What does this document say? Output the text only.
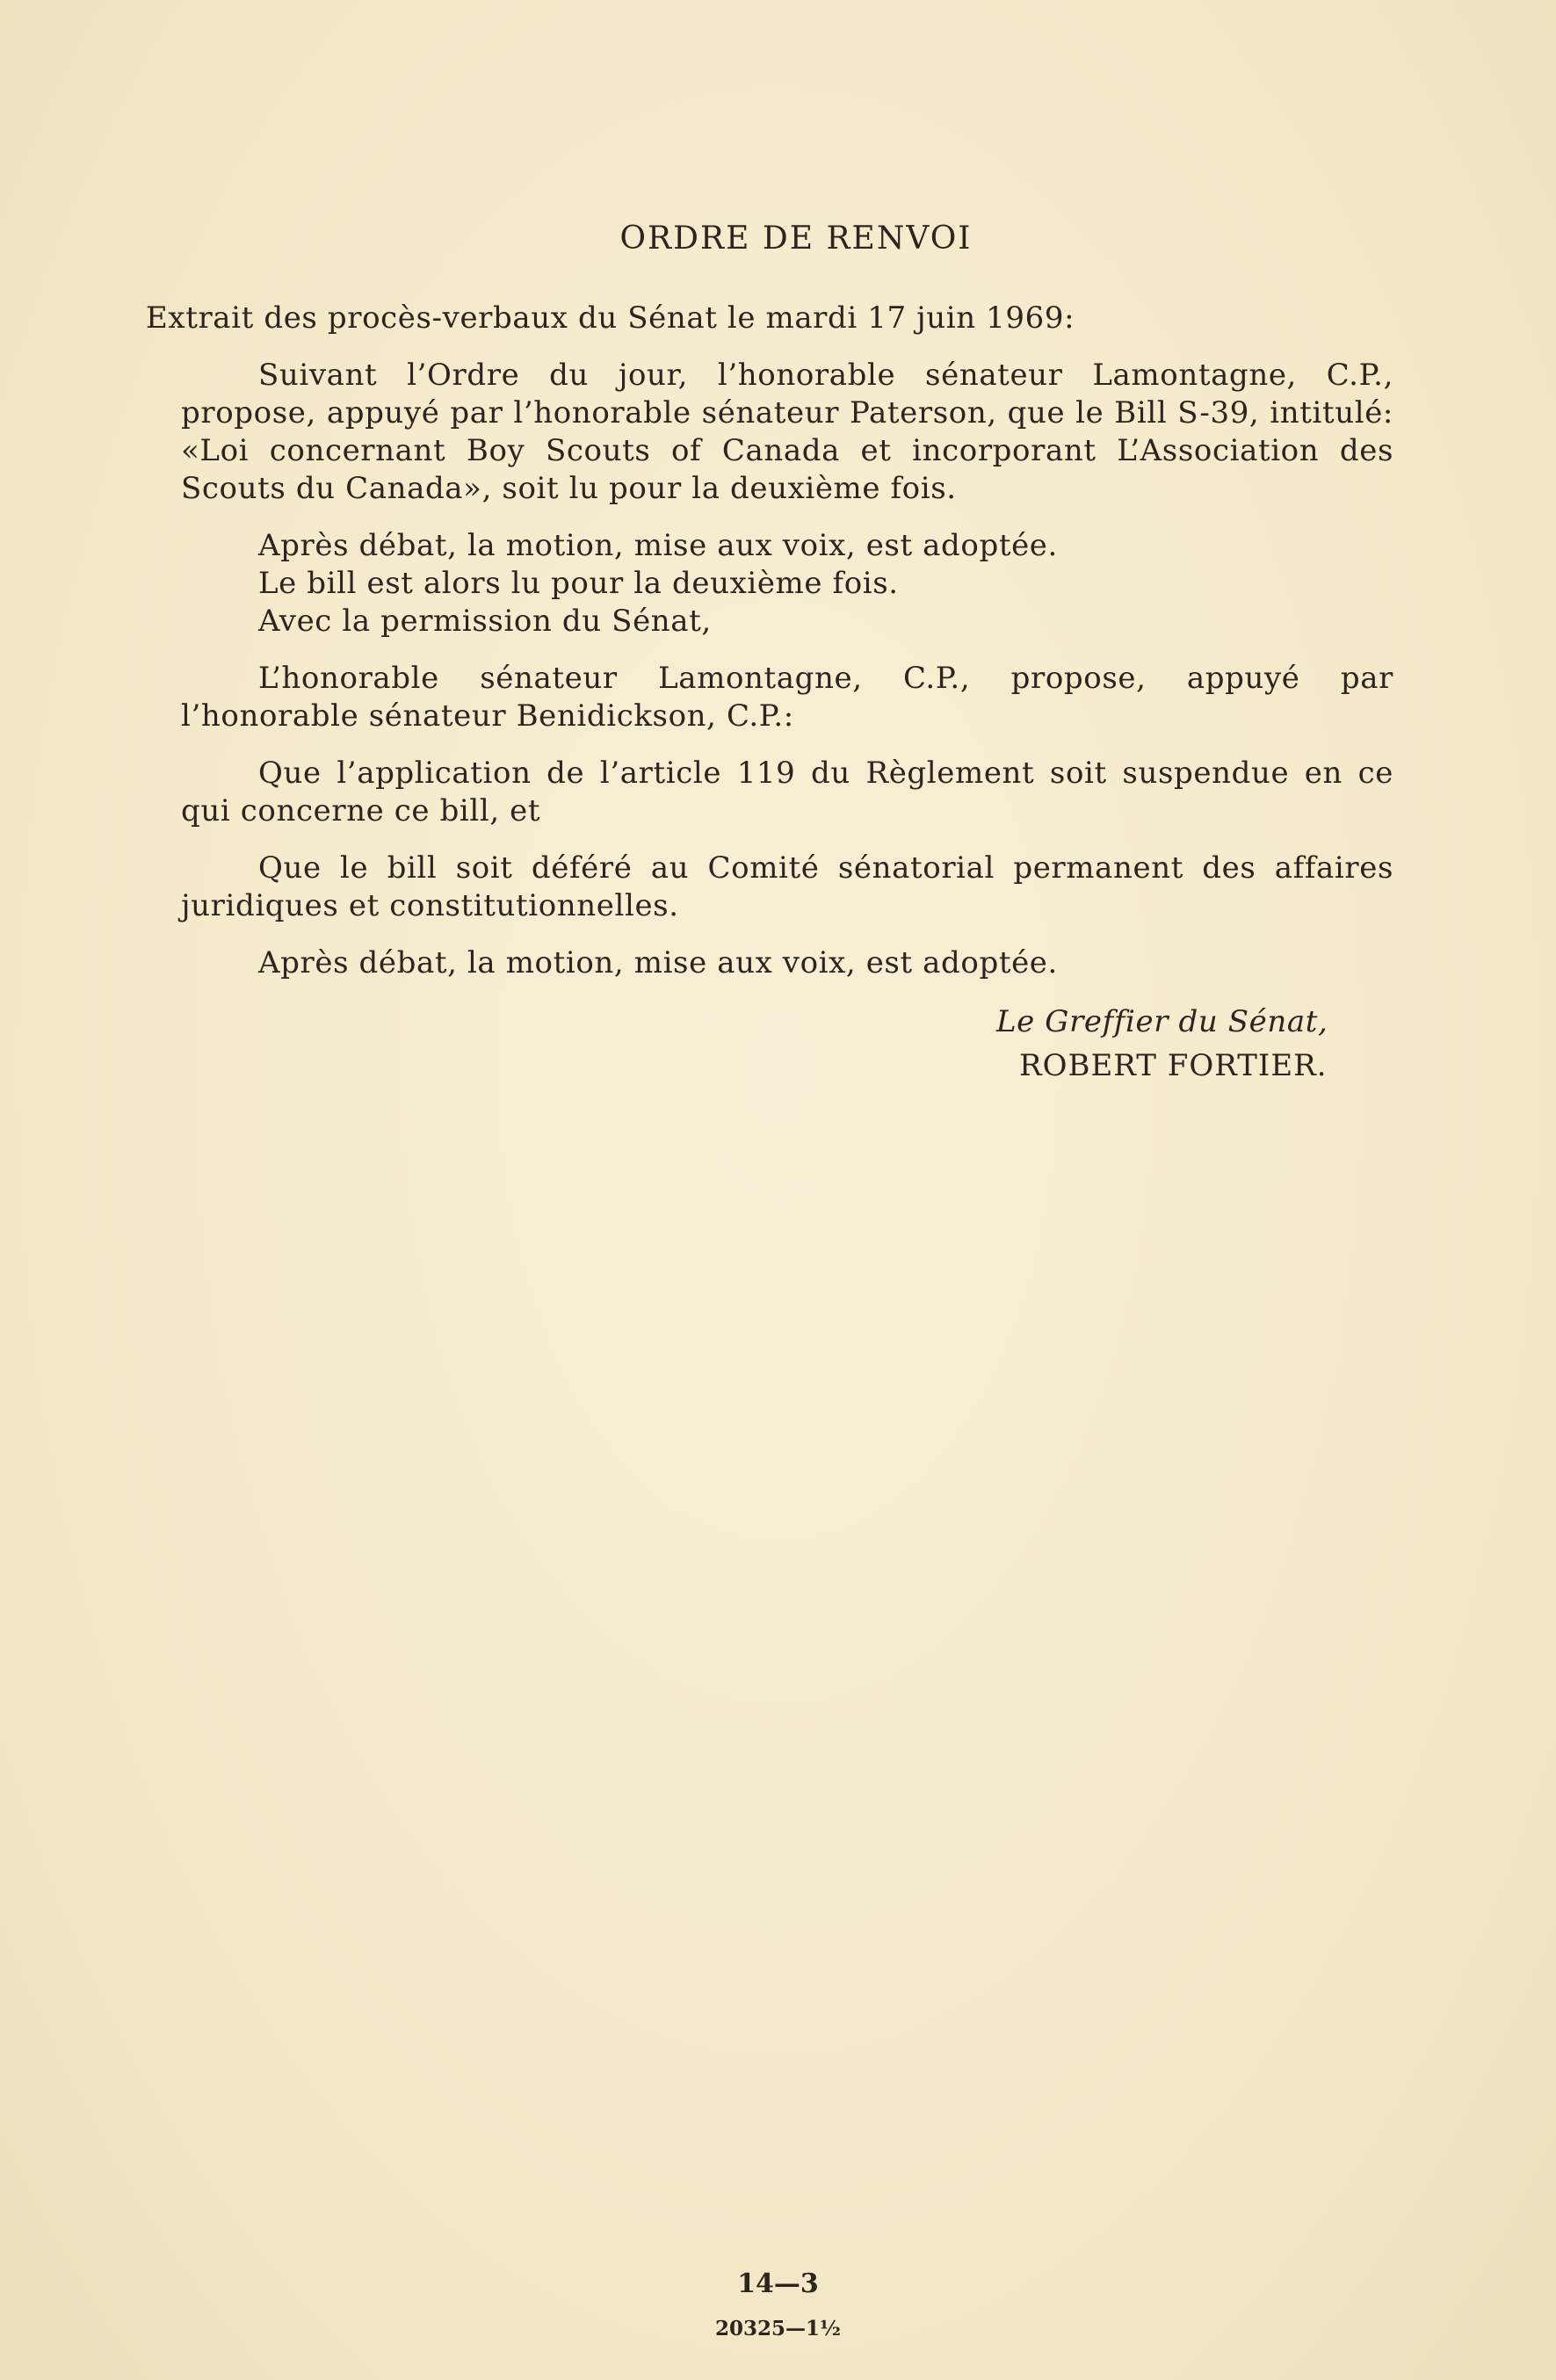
ORDRE DE RENVOI

Extrait des procès-verbaux du Sénat le mardi 17 juin 1969:

Suivant l’Ordre du jour, l’honorable sénateur Lamontagne, C.P., propose, appuyé par l’honorable sénateur Paterson, que le Bill S-39, intitulé: «Loi concernant Boy Scouts of Canada et incorporant L’Association des Scouts du Canada», soit lu pour la deuxième fois.

Après débat, la motion, mise aux voix, est adoptée.

Le bill est alors lu pour la deuxième fois.

Avec la permission du Sénat,

L’honorable sénateur Lamontagne, C.P., propose, appuyé par l’honorable sénateur Benidickson, C.P.:

Que l’application de l’article 119 du Règlement soit suspendue en ce qui concerne ce bill, et

Que le bill soit déféré au Comité sénatorial permanent des affaires juridiques et constitutionnelles.

Après débat, la motion, mise aux voix, est adoptée.

Le Greffier du Sénat,
ROBERT FORTIER.
14—3
20325—1½
